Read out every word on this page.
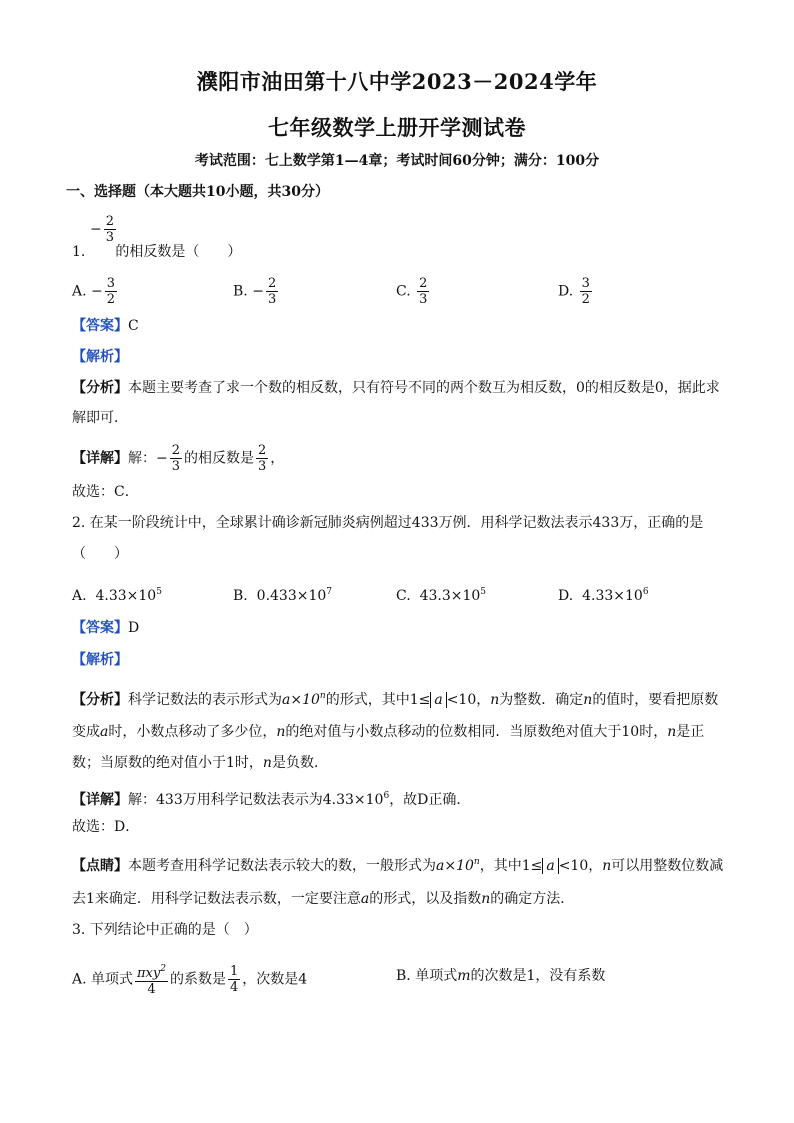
濮阳市油田第十八中学2023－2024学年
七年级数学上册开学测试卷
考试范围：七上数学第1—4章；考试时间60分钟；满分：100分
一、选择题（本大题共10小题，共30分）
− $\frac{2}{3}$
1. 的相反数是（　　）
A. − $\frac{3}{2}$	B. − $\frac{2}{3}$	C. $\frac{2}{3}$	D. $\frac{3}{2}$
【答案】C
【解析】
【分析】本题主要考查了求一个数的相反数，只有符号不同的两个数互为相反数，0的相反数是0，据此求
解即可．
【详解】解：− $\frac{2}{3}$ 的相反数是 $\frac{2}{3}$ ，
故选：C．
2. 在某一阶段统计中，全球累计确诊新冠肺炎病例超过433万例．用科学记数法表示433万，正确的是
（　　）
A. $4.33\times 10^5$	B. $0.433\times 10^7$	C. $43.3\times 10^5$	D. $4.33\times 10^6$
【答案】D
【解析】
【分析】科学记数法的表示形式为$a\times 10^n$的形式，其中1≤ a <10，n为整数．确定n的值时，要看把原数
变成a时，小数点移动了多少位，n的绝对值与小数点移动的位数相同．当原数绝对值大于10时，n是正
数；当原数的绝对值小于1时，n是负数．
【详解】解：433万用科学记数法表示为$4.33\times 10^6$，故D正确．
故选：D．
【点睛】本题考查用科学记数法表示较大的数，一般形式为$a\times 10^n$，其中1≤ a <10，n可以用整数位数减
去1来确定．用科学记数法表示数，一定要注意a的形式，以及指数n的确定方法．
3. 下列结论中正确的是（　）
A. 单项式 $\frac{\pi xy^2}{4}$ 的系数是 $\frac{1}{4}$ ，次数是4	B. 单项式m的次数是1，没有系数
